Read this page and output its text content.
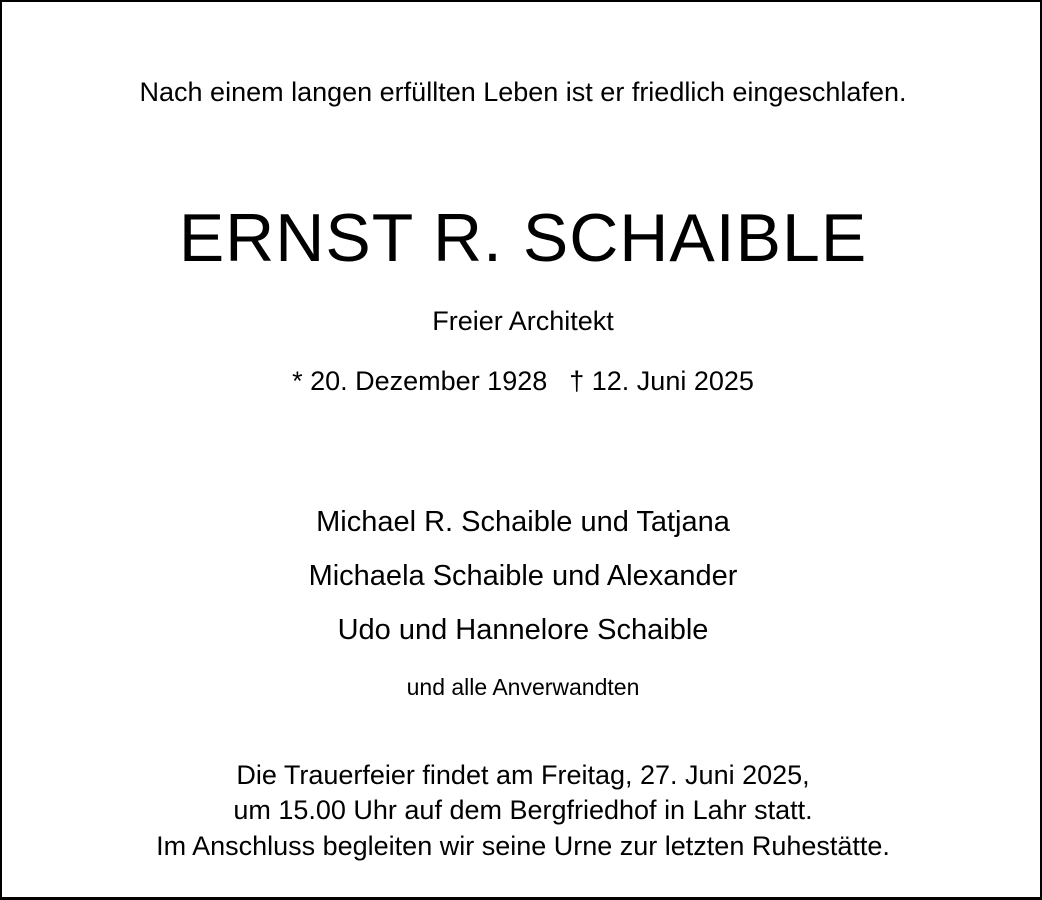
Nach einem langen erfüllten Leben ist er friedlich eingeschlafen.

ERNST R. SCHAIBLE

Freier Architekt

* 20. Dezember 1928 † 12. Juni 2025

Michael R. Schaible und Tatjana

Michaela Schaible und Alexander

Udo und Hannelore Schaible

und alle Anverwandten

Die Trauerfeier findet am Freitag, 27. Juni 2025,

um 15.00 Uhr auf dem Bergfriedhof in Lahr statt.

Im Anschluss begleiten wir seine Urne zur letzten Ruhestätte.
